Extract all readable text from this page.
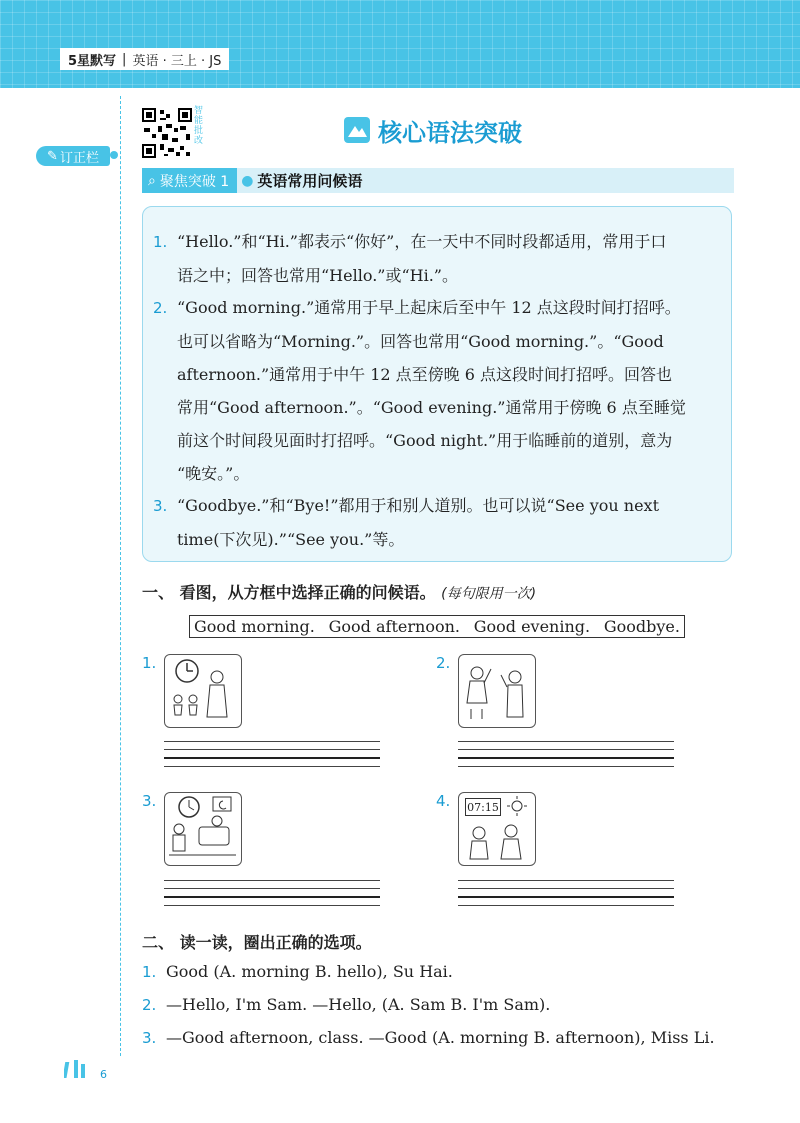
5星默写 | 英语 · 三上 · JS
✎ 订正栏
智能批改	核心语法突破
⌕ 聚焦突破 1 ● 英语常用问候语
1. “Hello.”和“Hi.”都表示“你好”，在一天中不同时段都适用，常用于口
语之中；回答也常用“Hello.”或“Hi.”。
2. “Good morning.”通常用于早上起床后至中午 12 点这段时间打招呼。
也可以省略为“Morning.”。回答也常用“Good morning.”。“Good
afternoon.”通常用于中午 12 点至傍晚 6 点这段时间打招呼。回答也
常用“Good afternoon.”。“Good evening.”通常用于傍晚 6 点至睡觉
前这个时间段见面时打招呼。“Good night.”用于临睡前的道别，意为
“晚安。”。
3. “Goodbye.”和“Bye!”都用于和别人道别。也可以说“See you next
time(下次见).”“See you.”等。
一、 看图，从方框中选择正确的问候语。 (每句限用一次)
Good morning. Good afternoon. Good evening. Goodbye.
1.	2.
3.	4. 07:15
二、 读一读，圈出正确的选项。
1. Good (A. morning B. hello), Su Hai.
2. —Hello, I'm Sam. —Hello, (A. Sam B. I'm Sam).
3. —Good afternoon, class. —Good (A. morning B. afternoon), Miss Li.
6
